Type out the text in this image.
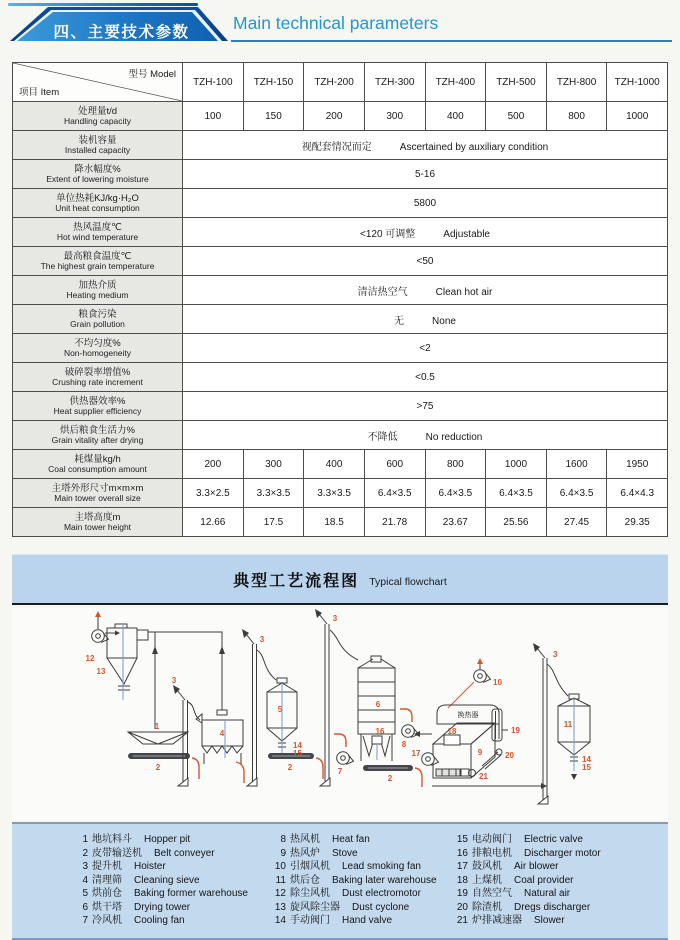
四、主要技术参数	Main technical parameters
型号 Model
项目 Item	TZH-100	TZH-150	TZH-200	TZH-300	TZH-400	TZH-500	TZH-800	TZH-1000

处理量t/d
Handling capacity	100	150	200	300	400	500	800	1000

装机容量
Installed capacity	视配套情况而定 Ascertained by auxiliary condition							

降水幅度%
Extent of lowering moisture	5-16							

单位热耗KJ/kg·H₂O
Unit heat consumption	5800							

热风温度℃
Hot wind temperature	<120 可调整 Adjustable							

最高粮食温度℃
The highest grain temperature	<50							

加热介质
Heating medium	清洁热空气 Clean hot air							

粮食污染
Grain pollution	无 None							

不均匀度%
Non-homogeneity	<2							

破碎裂率增值%
Crushing rate increment	<0.5							

供热器效率%
Heat supplier efficiency	>75							

烘后粮食生活力%
Grain vitality after drying	不降低 No reduction							

耗煤量kg/h
Coal consumption amount	200	300	400	600	800	1000	1600	1950

主塔外形尺寸m×m×m
Main tower overall size	3.3×2.5	3.3×3.5	3.3×3.5	6.4×3.5	6.4×3.5	6.4×3.5	6.4×3.5	6.4×4.3

主塔高度m
Main tower height	12.66	17.5	18.5	21.78	23.67	25.56	27.45	29.35
典型工艺流程图 Typical flowchart
12
13
1
2
3
4
3
5
14
15
2
3
6
16
7
8
2
10
19
18
9
17	20
21
3
11
14
15
换热器
1 地坑料斗 Hopper pit
2 皮带输送机 Belt conveyer
3 提升机 Hoister
4 清理筛 Cleaning sieve
5 烘前仓 Baking former warehouse
6 烘干塔 Drying tower
7 冷风机 Cooling fan
8 热风机 Heat fan
9 热风炉 Stove
10 引烟风机 Lead smoking fan
11 烘后仓 Baking later warehouse
12 除尘风机 Dust electromotor
13 旋风除尘器 Dust cyclone
14 手动阀门 Hand valve
15 电动阀门 Electric valve
16 排粮电机 Discharger motor
17 鼓风机 Air blower
18 上煤机 Coal provider
19 自然空气 Natural air
20 除渣机 Dregs discharger
21 炉排减速器 Slower
